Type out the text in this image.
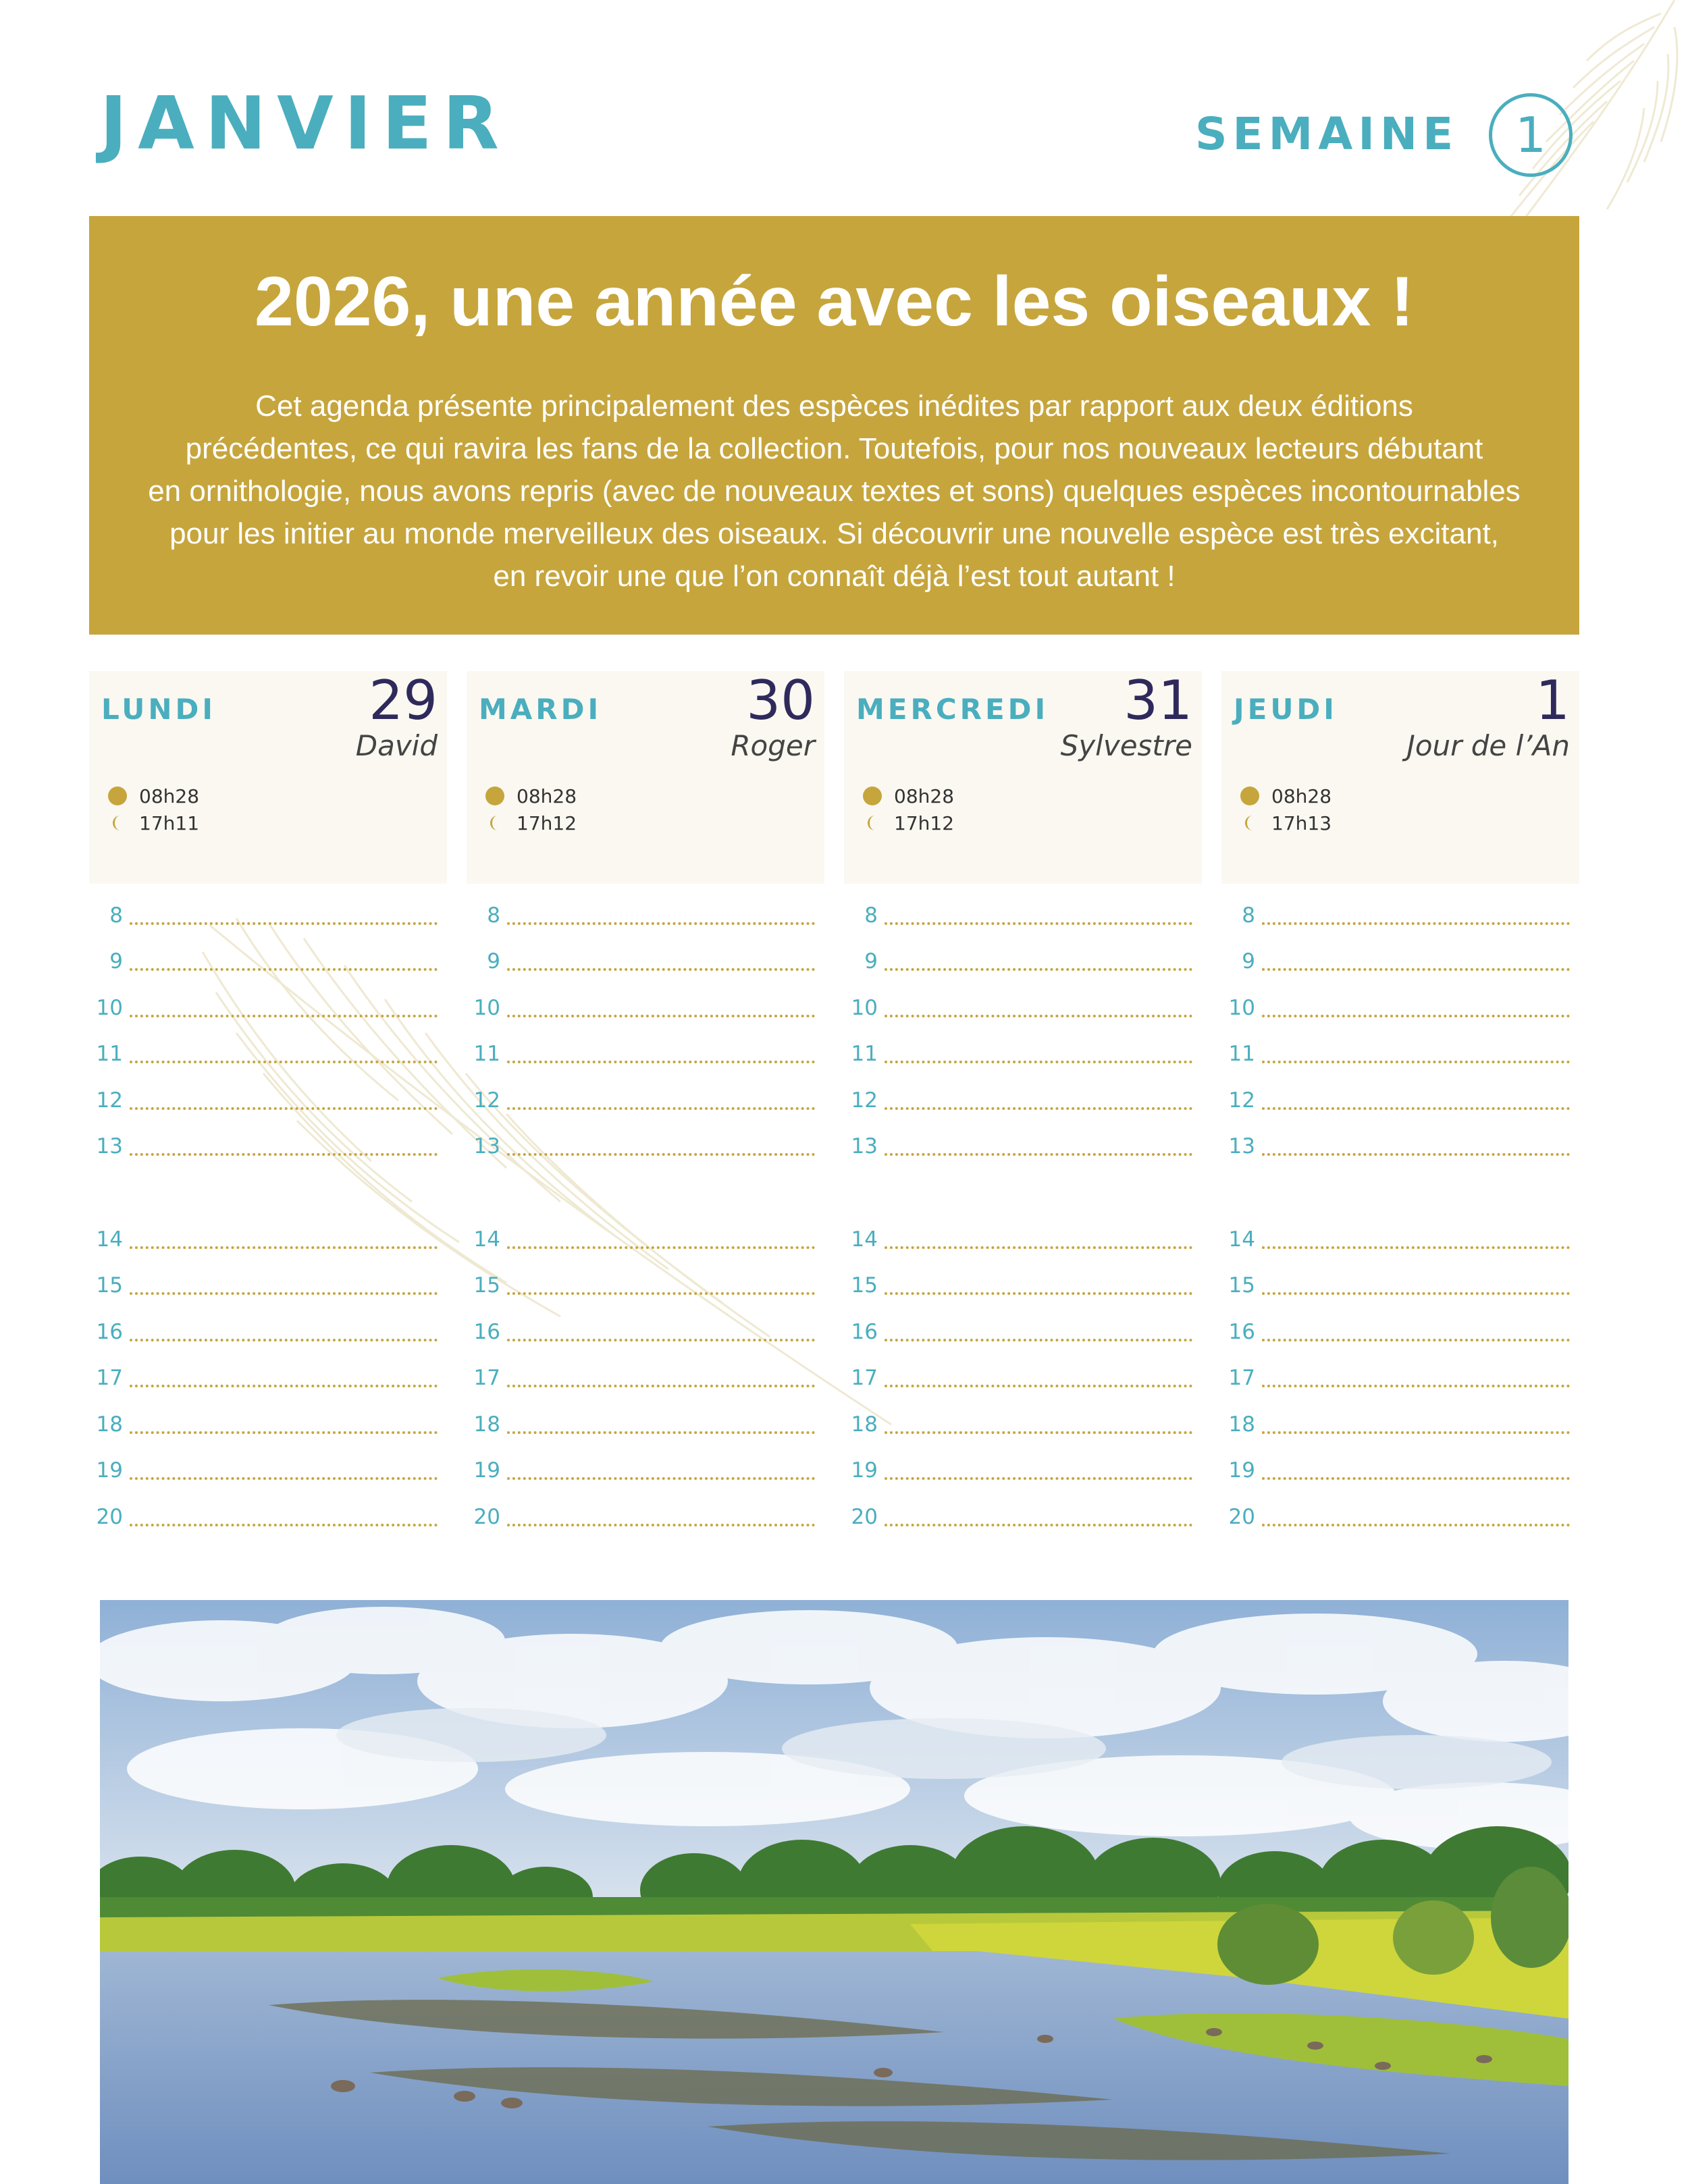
JANVIER	SEMAINE 1
2026, une année avec les oiseaux !
Cet agenda présente principalement des espèces inédites par rapport aux deux éditions
précédentes, ce qui ravira les fans de la collection. Toutefois, pour nos nouveaux lecteurs débutant
en ornithologie, nous avons repris (avec de nouveaux textes et sons) quelques espèces incontournables
pour les initier au monde merveilleux des oiseaux. Si découvrir une nouvelle espèce est très excitant,
en revoir une que l’on connaît déjà l’est tout autant !
LUNDI	29
David
08h28
17h11
8
9
10
11
12
13
14
15
16
17
18
19
20
MARDI	30
Roger
08h28
17h12
8
9
10
11
12
13
14
15
16
17
18
19
20
MERCREDI 31
Sylvestre
08h28
17h12
8
9
10
11
12
13
14
15
16
17
18
19
20
JEUDI	1
Jour de l’An
08h28
17h13
8
9
10
11
12
13
14
15
16
17
18
19
20
